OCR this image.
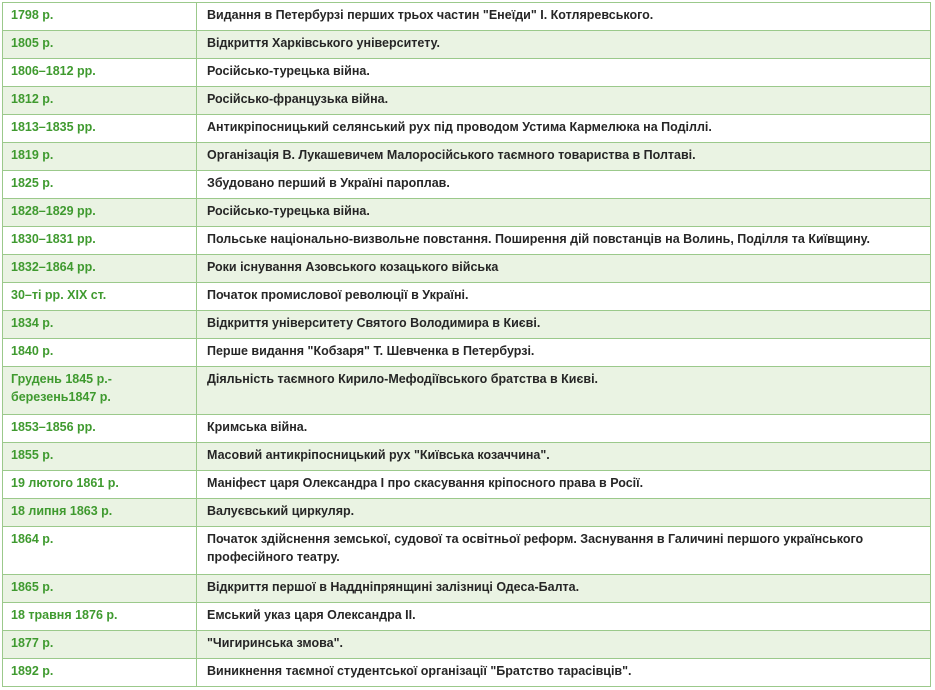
1798 р.	Видання в Петербурзі перших трьох частин "Енеїди" І. Котляревського.
1805 р.	Відкриття Харківського університету.
1806–1812 рр.	Російсько-турецька війна.
1812 р.	Російсько-французька війна.
1813–1835 рр.	Антикріпосницький селянський рух під проводом Устима Кармелюка на Поділлі.
1819 р.	Організація В. Лукашевичем Малоросійського таємного товариства в Полтаві.
1825 р.	Збудовано перший в Україні пароплав.
1828–1829 рр.	Російсько-турецька війна.
1830–1831 рр.	Польське національно-визвольне повстання. Поширення дій повстанців на Волинь, Поділля та Київщину.
1832–1864 рр.	Роки існування Азовського козацького війська
30–ті рр. XIX ст.	Початок промислової революції в Україні.
1834 р.	Відкриття університету Святого Володимира в Києві.
1840 р.	Перше видання "Кобзаря" Т. Шевченка в Петербурзі.
Грудень 1845 р.- березень1847 р.	Діяльність таємного Кирило-Мефодіївського братства в Києві.
1853–1856 рр.	Кримська війна.
1855 р.	Масовий антикріпосницький рух "Київська козаччина".
19 лютого 1861 р.	Маніфест царя Олександра І про скасування кріпосного права в Росії.
18 липня 1863 р.	Валуєвський циркуляр.
1864 р.	Початок здійснення земської, судової та освітньої реформ. Заснування в Галичині першого українського професійного театру.
1865 р.	Відкриття першої в Наддніпрянщині залізниці Одеса-Балта.
18 травня 1876 р.	Емський указ царя Олександра ІІ.
1877 р.	"Чигиринська змова".
1892 р.	Виникнення таємної студентської організації "Братство тарасівців".
